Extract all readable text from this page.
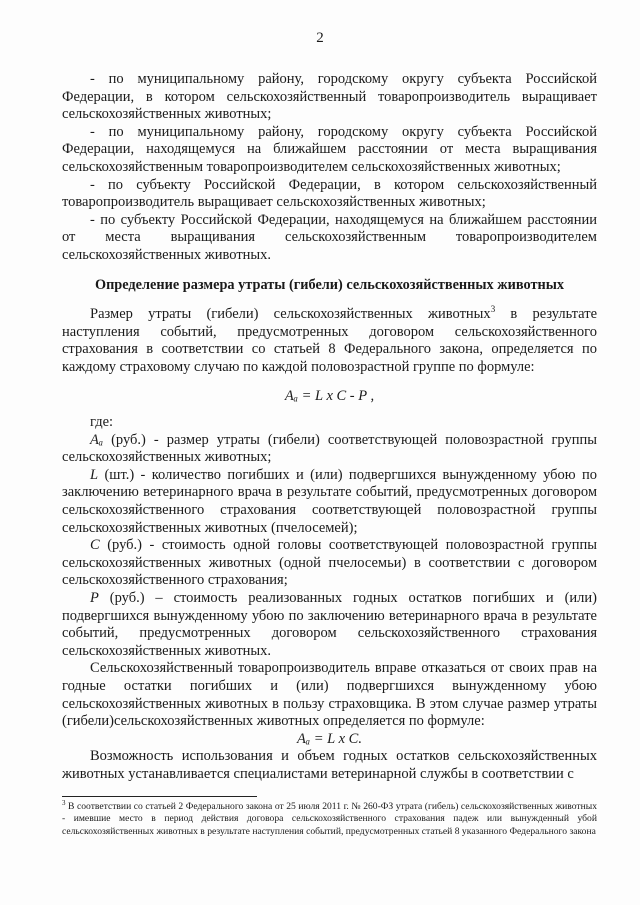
2

- по муниципальному району, городскому округу субъекта Российской Федерации, в котором сельскохозяйственный товаропроизводитель выращивает сельскохозяйственных животных;

- по муниципальному району, городскому округу субъекта Российской Федерации, находящемуся на ближайшем расстоянии от места выращивания сельскохозяйственным товаропроизводителем сельскохозяйственных животных;

- по субъекту Российской Федерации, в котором сельскохозяйственный товаропроизводитель выращивает сельскохозяйственных животных;

- по субъекту Российской Федерации, находящемуся на ближайшем расстоянии от места выращивания сельскохозяйственным товаропроизводителем сельскохозяйственных животных.

Определение размера утраты (гибели) сельскохозяйственных животных

Размер утраты (гибели) сельскохозяйственных животных$^3$ в результате наступления событий, предусмотренных договором сельскохозяйственного страхования в соответствии со статьей 8 Федерального закона, определяется по каждому страховому случаю по каждой половозрастной группе по формуле:

Aₐ = L x C - P ,

где:

Aₐ (руб.) - размер утраты (гибели) соответствующей половозрастной группы сельскохозяйственных животных;

L (шт.) - количество погибших и (или) подвергшихся вынужденному убою по заключению ветеринарного врача в результате событий, предусмотренных договором сельскохозяйственного страхования соответствующей половозрастной группы сельскохозяйственных животных (пчелосемей);

C (руб.) - стоимость одной головы соответствующей половозрастной группы сельскохозяйственных животных (одной пчелосемьи) в соответствии с договором сельскохозяйственного страхования;

P (руб.) – стоимость реализованных годных остатков погибших и (или) подвергшихся вынужденному убою по заключению ветеринарного врача в результате событий, предусмотренных договором сельскохозяйственного страхования сельскохозяйственных животных.

Сельскохозяйственный товаропроизводитель вправе отказаться от своих прав на годные остатки погибших и (или) подвергшихся вынужденному убою сельскохозяйственных животных в пользу страховщика. В этом случае размер утраты (гибели)сельскохозяйственных животных определяется по формуле:

Aₐ = L x C.

Возможность использования и объем годных остатков сельскохозяйственных животных устанавливается специалистами ветеринарной службы в соответствии с

$^3$ В соответствии со статьей 2 Федерального закона от 25 июля 2011 г. № 260-ФЗ утрата (гибель) сельскохозяйственных животных - имевшие место в период действия договора сельскохозяйственного страхования падеж или вынужденный убой сельскохозяйственных животных в результате наступления событий, предусмотренных статьей 8 указанного Федерального закона
